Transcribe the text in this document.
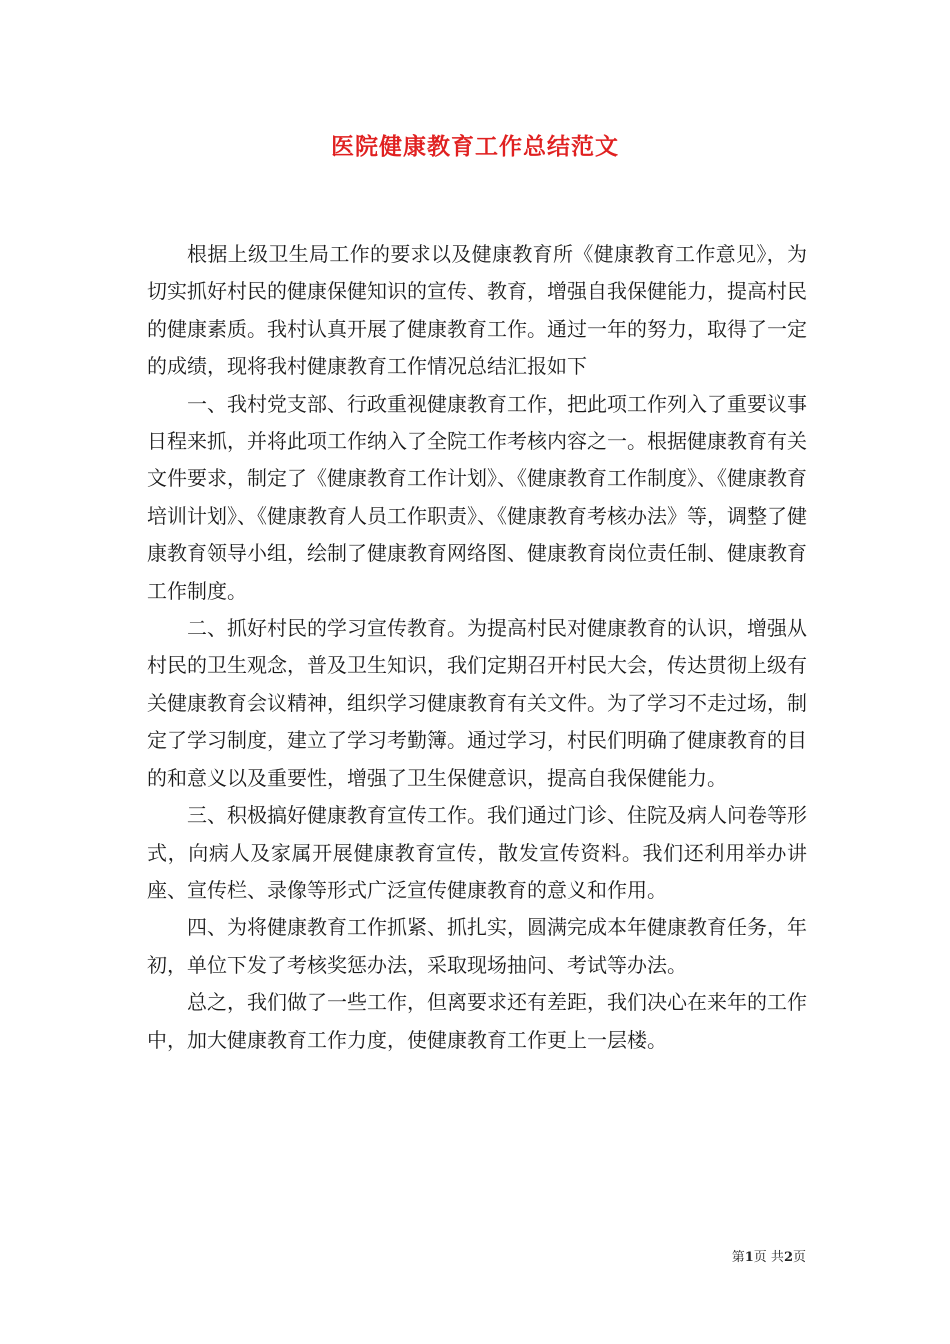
医院健康教育工作总结范文

根据上级卫生局工作的要求以及健康教育所《健康教育工作意见》，为切实抓好村民的健康保健知识的宣传、教育，增强自我保健能力，提高村民的健康素质。我村认真开展了健康教育工作。通过一年的努力，取得了一定的成绩，现将我村健康教育工作情况总结汇报如下

一、我村党支部、行政重视健康教育工作，把此项工作列入了重要议事日程来抓，并将此项工作纳入了全院工作考核内容之一。根据健康教育有关文件要求，制定了《健康教育工作计划》、《健康教育工作制度》、《健康教育培训计划》、《健康教育人员工作职责》、《健康教育考核办法》等，调整了健康教育领导小组，绘制了健康教育网络图、健康教育岗位责任制、健康教育工作制度。

二、抓好村民的学习宣传教育。为提高村民对健康教育的认识，增强从村民的卫生观念，普及卫生知识，我们定期召开村民大会，传达贯彻上级有关健康教育会议精神，组织学习健康教育有关文件。为了学习不走过场，制定了学习制度，建立了学习考勤簿。通过学习，村民们明确了健康教育的目的和意义以及重要性，增强了卫生保健意识，提高自我保健能力。

三、积极搞好健康教育宣传工作。我们通过门诊、住院及病人问卷等形式，向病人及家属开展健康教育宣传，散发宣传资料。我们还利用举办讲座、宣传栏、录像等形式广泛宣传健康教育的意义和作用。

四、为将健康教育工作抓紧、抓扎实，圆满完成本年健康教育任务，年初，单位下发了考核奖惩办法，采取现场抽问、考试等办法。

总之，我们做了一些工作，但离要求还有差距，我们决心在来年的工作中，加大健康教育工作力度，使健康教育工作更上一层楼。

第1页 共2页
